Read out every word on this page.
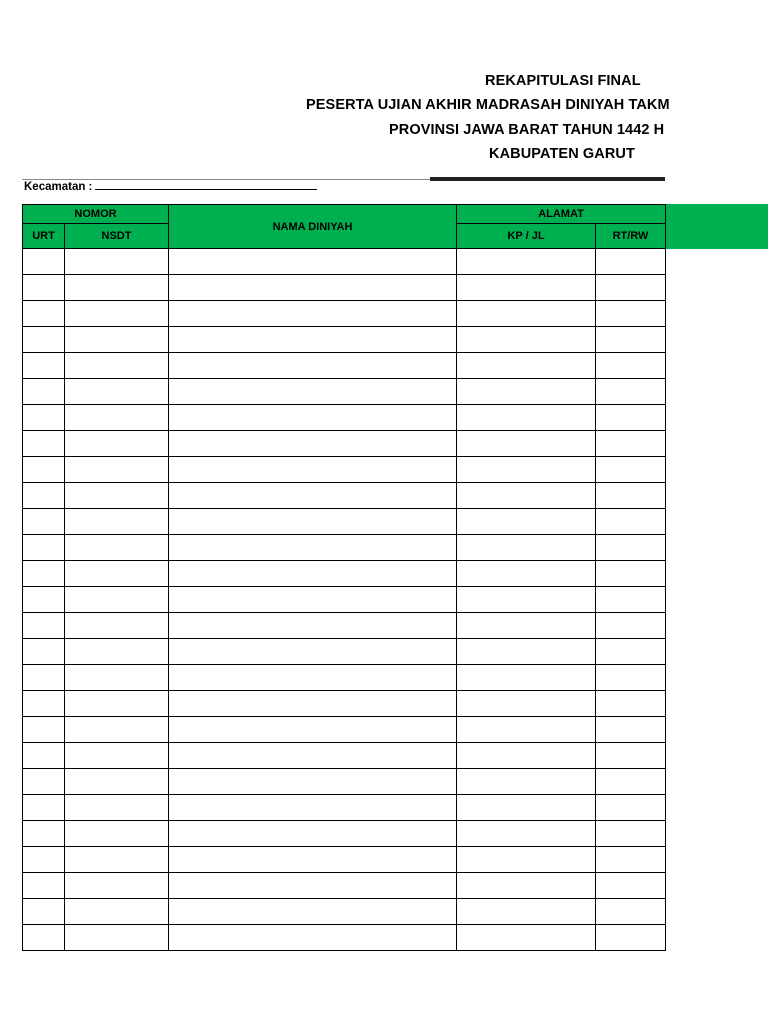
REKAPITULASI FINAL
PESERTA UJIAN AKHIR MADRASAH DINIYAH TAKM
PROVINSI JAWA BARAT TAHUN 1442 H
KABUPATEN GARUT
Kecamatan :
NOMOR		NAMA DINIYAH	ALAMAT	
URT	NSDT		KP / JL	RT/RW
